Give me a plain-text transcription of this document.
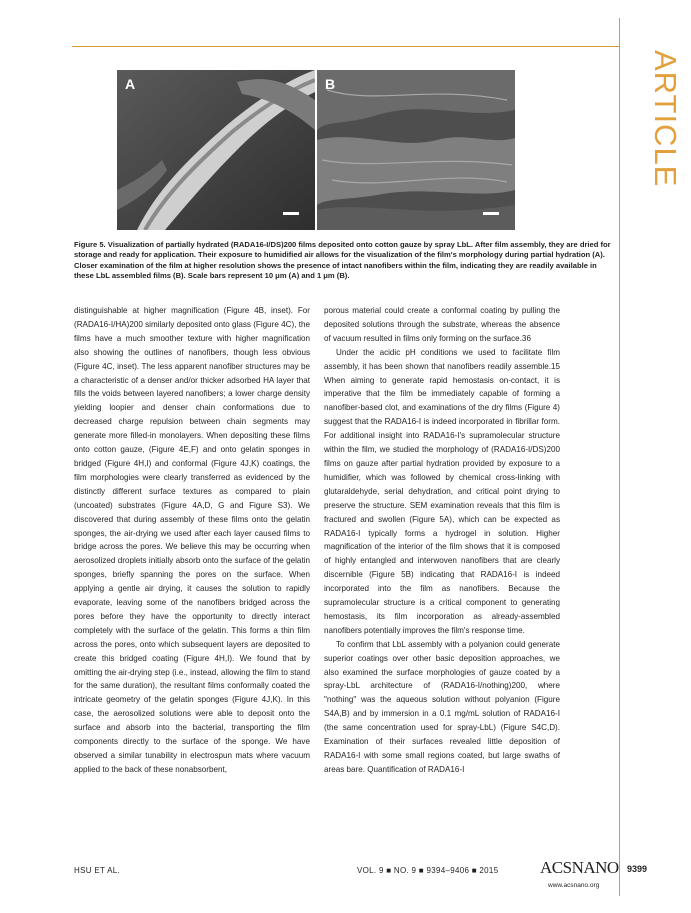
ARTICLE
A	B
Figure 5. Visualization of partially hydrated (RADA16-I/DS)200 films deposited onto cotton gauze by spray LbL. After film assembly, they are dried for storage and ready for application. Their exposure to humidified air allows for the visualization of the film's morphology during partial hydration (A). Closer examination of the film at higher resolution shows the presence of intact nanofibers within the film, indicating they are readily available in these LbL assembled films (B). Scale bars represent 10 μm (A) and 1 μm (B).

distinguishable at higher magnification (Figure 4B, inset). For (RADA16-I/HA)200 similarly deposited onto glass (Figure 4C), the films have a much smoother texture with higher magnification also showing the outlines of nanofibers, though less obvious (Figure 4C, inset). The less apparent nanofiber structures may be a characteristic of a denser and/or thicker adsorbed HA layer that fills the voids between layered nanofibers; a lower charge density yielding loopier and denser chain conformations due to decreased charge repulsion between chain segments may generate more filled-in monolayers. When depositing these films onto cotton gauze, (Figure 4E,F) and onto gelatin sponges in bridged (Figure 4H,I) and conformal (Figure 4J,K) coatings, the film morphologies were clearly transferred as evidenced by the distinctly different surface textures as compared to plain (uncoated) substrates (Figure 4A,D, G and Figure S3). We discovered that during assembly of these films onto the gelatin sponges, the air-drying we used after each layer caused films to bridge across the pores. We believe this may be occurring when aerosolized droplets initially absorb onto the surface of the gelatin sponges, briefly spanning the pores on the surface. When applying a gentle air drying, it causes the solution to rapidly evaporate, leaving some of the nanofibers bridged across the pores before they have the opportunity to directly interact completely with the surface of the gelatin. This forms a thin film across the pores, onto which subsequent layers are deposited to create this bridged coating (Figure 4H,I). We found that by omitting the air-drying step (i.e., instead, allowing the film to stand for the same duration), the resultant films conformally coated the intricate geometry of the gelatin sponges (Figure 4J,K). In this case, the aerosolized solutions were able to deposit onto the surface and absorb into the bacterial, transporting the film components directly to the surface of the sponge. We have observed a similar tunability in electrospun mats where vacuum applied to the back of these nonabsorbent,

porous material could create a conformal coating by pulling the deposited solutions through the substrate, whereas the absence of vacuum resulted in films only forming on the surface.36

Under the acidic pH conditions we used to facilitate film assembly, it has been shown that nanofibers readily assemble.15 When aiming to generate rapid hemostasis on-contact, it is imperative that the film be immediately capable of forming a nanofiber-based clot, and examinations of the dry films (Figure 4) suggest that the RADA16-I is indeed incorporated in fibrillar form. For additional insight into RADA16-I's supramolecular structure within the film, we studied the morphology of (RADA16-I/DS)200 films on gauze after partial hydration provided by exposure to a humidifier, which was followed by chemical cross-linking with glutaraldehyde, serial dehydration, and critical point drying to preserve the structure. SEM examination reveals that this film is fractured and swollen (Figure 5A), which can be expected as RADA16-I typically forms a hydrogel in solution. Higher magnification of the interior of the film shows that it is composed of highly entangled and interwoven nanofibers that are clearly discernible (Figure 5B) indicating that RADA16-I is indeed incorporated into the film as nanofibers. Because the supramolecular structure is a critical component to generating hemostasis, its film incorporation as already-assembled nanofibers potentially improves the film's response time.

To confirm that LbL assembly with a polyanion could generate superior coatings over other basic deposition approaches, we also examined the surface morphologies of gauze coated by a spray-LbL architecture of (RADA16-I/nothing)200, where "nothing" was the aqueous solution without polyanion (Figure S4A,B) and by immersion in a 0.1 mg/mL solution of RADA16-I (the same concentration used for spray-LbL) (Figure S4C,D). Examination of their surfaces revealed little deposition of RADA16-I with some small regions coated, but large swaths of areas bare. Quantification of RADA16-I

HSU ET AL.	VOL. 9 ■ NO. 9 ■ 9394–9406 ■ 2015 ACSNANO
www.acsnano.org
9399
